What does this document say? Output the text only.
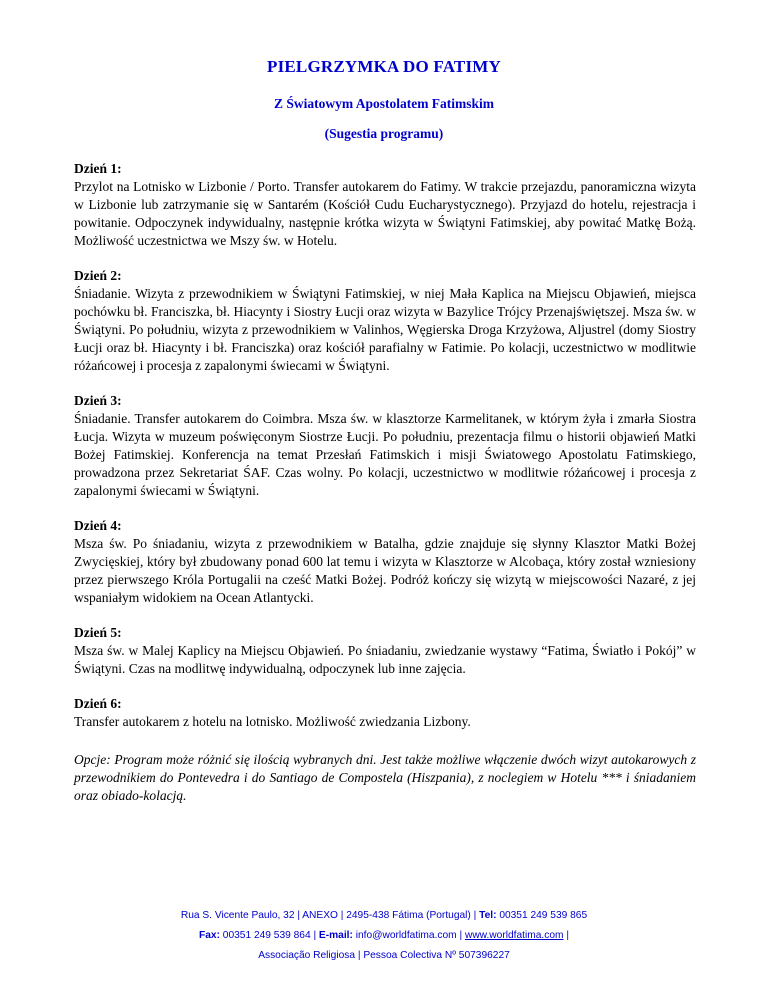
PIELGRZYMKA DO FATIMY
Z Światowym Apostolatem Fatimskim
(Sugestia programu)
Dzień 1:
Przylot na Lotnisko w Lizbonie / Porto. Transfer autokarem do Fatimy. W trakcie przejazdu, panoramiczna wizyta w Lizbonie lub zatrzymanie się w Santarém (Kościół Cudu Eucharystycznego). Przyjazd do hotelu, rejestracja i powitanie. Odpoczynek indywidualny, następnie krótka wizyta w Świątyni Fatimskiej, aby powitać Matkę Bożą. Możliwość uczestnictwa we Mszy św. w Hotelu.
Dzień 2:
Śniadanie. Wizyta z przewodnikiem w Świątyni Fatimskiej, w niej Mała Kaplica na Miejscu Objawień, miejsca pochówku bł. Franciszka, bł. Hiacynty i Siostry Łucji oraz wizyta w Bazylice Trójcy Przenajświętszej. Msza św. w Świątyni. Po południu, wizyta z przewodnikiem w Valinhos, Węgierska Droga Krzyżowa, Aljustrel (domy Siostry Łucji oraz bł. Hiacynty i bł. Franciszka) oraz kościół parafialny w Fatimie. Po kolacji, uczestnictwo w modlitwie różańcowej i procesja z zapalonymi świecami w Świątyni.
Dzień 3:
Śniadanie. Transfer autokarem do Coimbra. Msza św. w klasztorze Karmelitanek, w którym żyła i zmarła Siostra Łucja. Wizyta w muzeum poświęconym Siostrze Łucji. Po południu, prezentacja filmu o historii objawień Matki Bożej Fatimskiej. Konferencja na temat Przesłań Fatimskich i misji Światowego Apostolatu Fatimskiego, prowadzona przez Sekretariat ŚAF. Czas wolny. Po kolacji, uczestnictwo w modlitwie różańcowej i procesja z zapalonymi świecami w Świątyni.
Dzień 4:
Msza św. Po śniadaniu, wizyta z przewodnikiem w Batalha, gdzie znajduje się słynny Klasztor Matki Bożej Zwycięskiej, który był zbudowany ponad 600 lat temu i wizyta w Klasztorze w Alcobaça, który został wzniesiony przez pierwszego Króla Portugalii na cześć Matki Bożej. Podróż kończy się wizytą w miejscowości Nazaré, z jej wspaniałym widokiem na Ocean Atlantycki.
Dzień 5:
Msza św. w Malej Kaplicy na Miejscu Objawień. Po śniadaniu, zwiedzanie wystawy “Fatima, Światło i Pokój” w Świątyni. Czas na modlitwę indywidualną, odpoczynek lub inne zajęcia.
Dzień 6:
Transfer autokarem z hotelu na lotnisko. Możliwość zwiedzania Lizbony.
Opcje: Program może różnić się ilością wybranych dni. Jest także możliwe włączenie dwóch wizyt autokarowych z przewodnikiem do Pontevedra i do Santiago de Compostela (Hiszpania), z noclegiem w Hotelu *** i śniadaniem oraz obiado-kolacją.
Rua S. Vicente Paulo, 32 | ANEXO | 2495-438 Fátima (Portugal) | Tel: 00351 249 539 865
Fax: 00351 249 539 864 | E-mail: info@worldfatima.com | www.worldfatima.com |
Associação Religiosa | Pessoa Colectiva Nº 507396227
